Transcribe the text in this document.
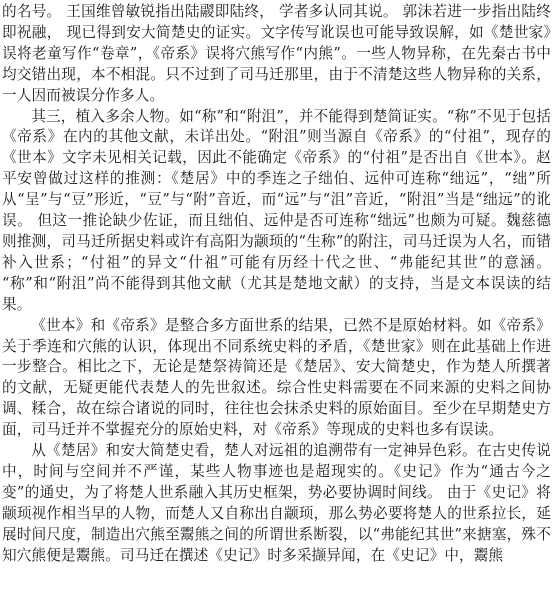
的名号。 王国维曾敏锐指出陆鬷即陆终， 学者多认同其说。 郭沫若进一步指出陆终即祝融， 现已得到安大简楚史的证实。文字传写讹误也可能导致误解，如《楚世家》误将老童写作“卷章”，《帝系》误将穴熊写作“内熊”。一些人物异称，在先秦古书中均交错出现，本不相混。只不过到了司马迁那里，由于不清楚这些人物异称的关系，一人因而被误分作多人。

其三，植入多余人物。如“称”和“附沮”，并不能得到楚简证实。“称”不见于包括《帝系》在内的其他文献，未详出处。“附沮”则当源自《帝系》的“付祖”，现存的《世本》文字未见相关记载，因此不能确定《帝系》的“付祖”是否出自《世本》。赵平安曾做过这样的推测：《楚居》中的季连之子绌伯、远仲可连称“绌远”，“绌”所从“呈”与“豆”形近，“豆”与“附”音近，而“远”与“沮”音近，“附沮”当是“绌远”的讹误。 但这一推论缺少佐证，而且绌伯、远仲是否可连称“绌远”也颇为可疑。魏慈德则推测，司马迁所据史料或许有高阳为颛顼的“生称”的附注，司马迁误为人名，而错补入世系；“付祖”的异文“什祖”可能有历经十代之世、“弗能纪其世”的意涵。 “称”和“附沮”尚不能得到其他文献（尤其是楚地文献）的支持，当是文本误读的结果。

《世本》和《帝系》是整合多方面世系的结果，已然不是原始材料。如《帝系》关于季连和穴熊的认识，体现出不同系统史料的矛盾，《楚世家》则在此基础上作进一步整合。相比之下，无论是楚祭祷简还是《楚居》、安大简楚史，作为楚人所撰著的文献，无疑更能代表楚人的先世叙述。综合性史料需要在不同来源的史料之间协调、糅合，故在综合诸说的同时，往往也会抹杀史料的原始面目。至少在早期楚史方面，司马迁并不掌握充分的原始史料，对《帝系》等现成的史料也多有误读。

从《楚居》和安大简楚史看，楚人对远祖的追溯带有一定神异色彩。在古史传说中，时间与空间并不严谨，某些人物事迹也是超现实的。《史记》作为“通古今之变”的通史，为了将楚人世系融入其历史框架，势必要协调时间线。 由于《史记》将颛顼视作相当早的人物，而楚人又自称出自颛顼，那么势必要将楚人的世系拉长，延展时间尺度，制造出穴熊至鬻熊之间的所谓世系断裂，以“弗能纪其世”来搪塞，殊不知穴熊便是鬻熊。司马迁在撰述《史记》时多采撷异闻，在《史记》中，鬻熊
